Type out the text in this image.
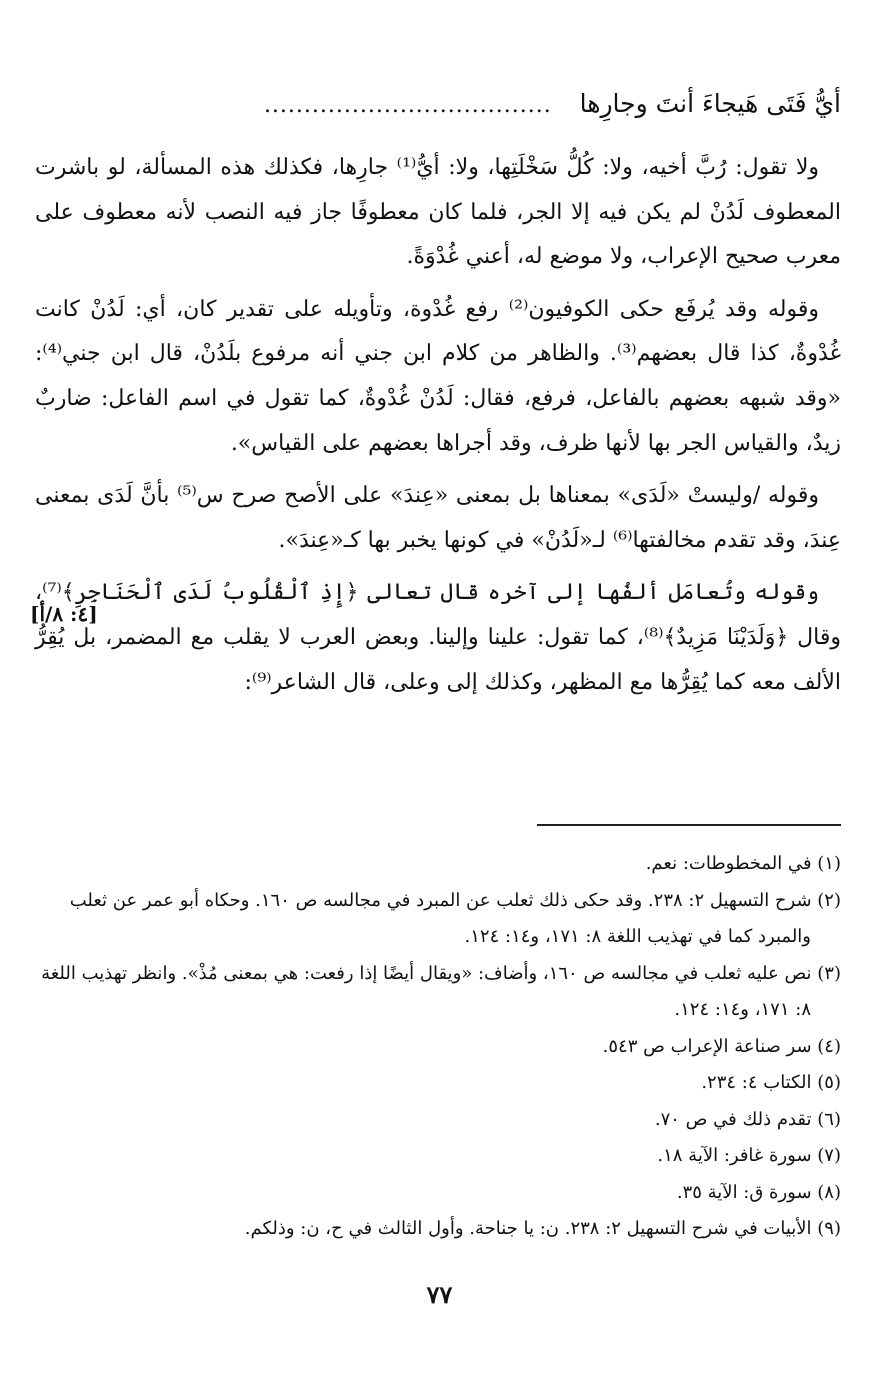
أيُّ فَتَى هَيجاءَ أنتَ وجارِها ....................................

ولا تقول: رُبَّ أخيه، ولا: كُلُّ سَخْلَتِها، ولا: أيُّ⁽¹⁾ جارِها، فكذلك هذه المسألة، لو باشرت المعطوف لَدُنْ لم يكن فيه إلا الجر، فلما كان معطوفًا جاز فيه النصب لأنه معطوف على معرب صحيح الإعراب، ولا موضع له، أعني غُدْوَةً.

وقوله وقد يُرفَع حكى الكوفيون⁽²⁾ رفع غُدْوة، وتأويله على تقدير كان، أي: لَدُنْ كانت غُدْوةٌ، كذا قال بعضهم⁽³⁾. والظاهر من كلام ابن جني أنه مرفوع بلَدُنْ، قال ابن جني⁽⁴⁾: «وقد شبهه بعضهم بالفاعل، فرفع، فقال: لَدُنْ غُدْوةٌ، كما تقول في اسم الفاعل: ضاربٌ زيدٌ، والقياس الجر بها لأنها ظرف، وقد أجراها بعضهم على القياس».

وقوله /وليستْ «لَدَى» بمعناها بل بمعنى «عِندَ» على الأصح صرح س⁽⁵⁾ بأنَّ لَدَى بمعنى عِندَ، وقد تقدم مخالفتها⁽⁶⁾ لـ«لَدُنْ» في كونها يخبر بها كـ«عِندَ».

وقوله وتُعامَل ألفُها إلى آخره قال تعالى ﴿إِذِ ٱلْقُلُوبُ لَدَى ٱلْحَنَاجِرِ﴾⁽⁷⁾، وقال ﴿وَلَدَيْنَا مَزِيدٌ﴾⁽⁸⁾، كما تقول: علينا وإلينا. وبعض العرب لا يقلب مع المضمر، بل يُقِرُّ الألف معه كما يُقِرُّها مع المظهر، وكذلك إلى وعلى، قال الشاعر⁽⁹⁾:

[٤: ٨/أ]

(١) في المخطوطات: نعم.

(٢) شرح التسهيل ٢: ٢٣٨. وقد حكى ذلك ثعلب عن المبرد في مجالسه ص ١٦٠. وحكاه أبو عمر عن ثعلب والمبرد كما في تهذيب اللغة ٨: ١٧١، و١٤: ١٢٤.

(٣) نص عليه ثعلب في مجالسه ص ١٦٠، وأضاف: «ويقال أيضًا إذا رفعت: هي بمعنى مُذْ». وانظر تهذيب اللغة ٨: ١٧١، و١٤: ١٢٤.

(٤) سر صناعة الإعراب ص ٥٤٣.

(٥) الكتاب ٤: ٢٣٤.

(٦) تقدم ذلك في ص ٧٠.

(٧) سورة غافر: الآية ١٨.

(٨) سورة ق: الآية ٣٥.

(٩) الأبيات في شرح التسهيل ٢: ٢٣٨. ن: يا جناحة. وأول الثالث في ح، ن: وذلكم.

٧٧
